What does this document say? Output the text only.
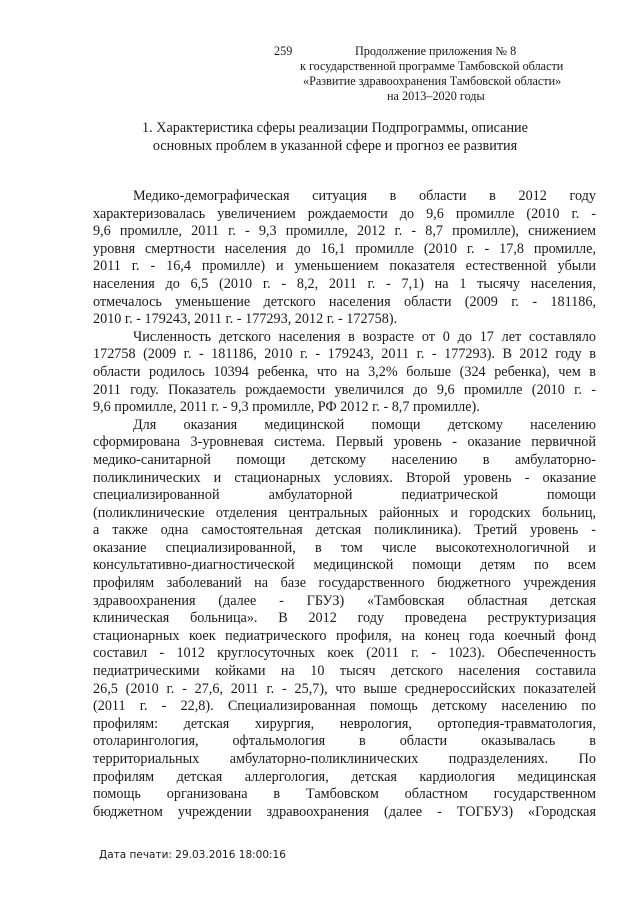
259	Продолжение приложения № 8
к государственной программе Тамбовской области
«Развитие здравоохранения Тамбовской области»
на 2013–2020 годы
1. Характеристика сферы реализации Подпрограммы, описание
основных проблем в указанной сфере и прогноз ее развития

Медико-демографическая ситуация в области в 2012 году
характеризовалась увеличением рождаемости до 9,6 промилле (2010 г. -
9,6 промилле, 2011 г. - 9,3 промилле, 2012 г. - 8,7 промилле), снижением
уровня смертности населения до 16,1 промилле (2010 г. - 17,8 промилле,
2011 г. - 16,4 промилле) и уменьшением показателя естественной убыли
населения до 6,5 (2010 г. - 8,2, 2011 г. - 7,1) на 1 тысячу населения,
отмечалось уменьшение детского населения области (2009 г. - 181186,
2010 г. - 179243, 2011 г. - 177293, 2012 г. - 172758).

Численность детского населения в возрасте от 0 до 17 лет составляло
172758 (2009 г. - 181186, 2010 г. - 179243, 2011 г. - 177293). В 2012 году в
области родилось 10394 ребенка, что на 3,2% больше (324 ребенка), чем в
2011 году. Показатель рождаемости увеличился до 9,6 промилле (2010 г. -
9,6 промилле, 2011 г. - 9,3 промилле, РФ 2012 г. - 8,7 промилле).

Для оказания медицинской помощи детскому населению
сформирована 3-уровневая система. Первый уровень - оказание первичной
медико-санитарной помощи детскому населению в амбулаторно-
поликлинических и стационарных условиях. Второй уровень - оказание
специализированной амбулаторной педиатрической помощи
(поликлинические отделения центральных районных и городских больниц,
а также одна самостоятельная детская поликлиника). Третий уровень -
оказание специализированной, в том числе высокотехнологичной и
консультативно-диагностической медицинской помощи детям по всем
профилям заболеваний на базе государственного бюджетного учреждения
здравоохранения (далее - ГБУЗ) «Тамбовская областная детская
клиническая больница». В 2012 году проведена реструктуризация
стационарных коек педиатрического профиля, на конец года коечный фонд
составил - 1012 круглосуточных коек (2011 г. - 1023). Обеспеченность
педиатрическими койками на 10 тысяч детского населения составила
26,5 (2010 г. - 27,6, 2011 г. - 25,7), что выше среднероссийских показателей
(2011 г. - 22,8). Специализированная помощь детскому населению по
профилям: детская хирургия, неврология, ортопедия-травматология,
отоларингология, офтальмология в области оказывалась в
территориальных амбулаторно-поликлинических подразделениях. По
профилям детская аллергология, детская кардиология медицинская
помощь организована в Тамбовском областном государственном
бюджетном учреждении здравоохранения (далее - ТОГБУЗ) «Городская

Дата печати: 29.03.2016 18:00:16
